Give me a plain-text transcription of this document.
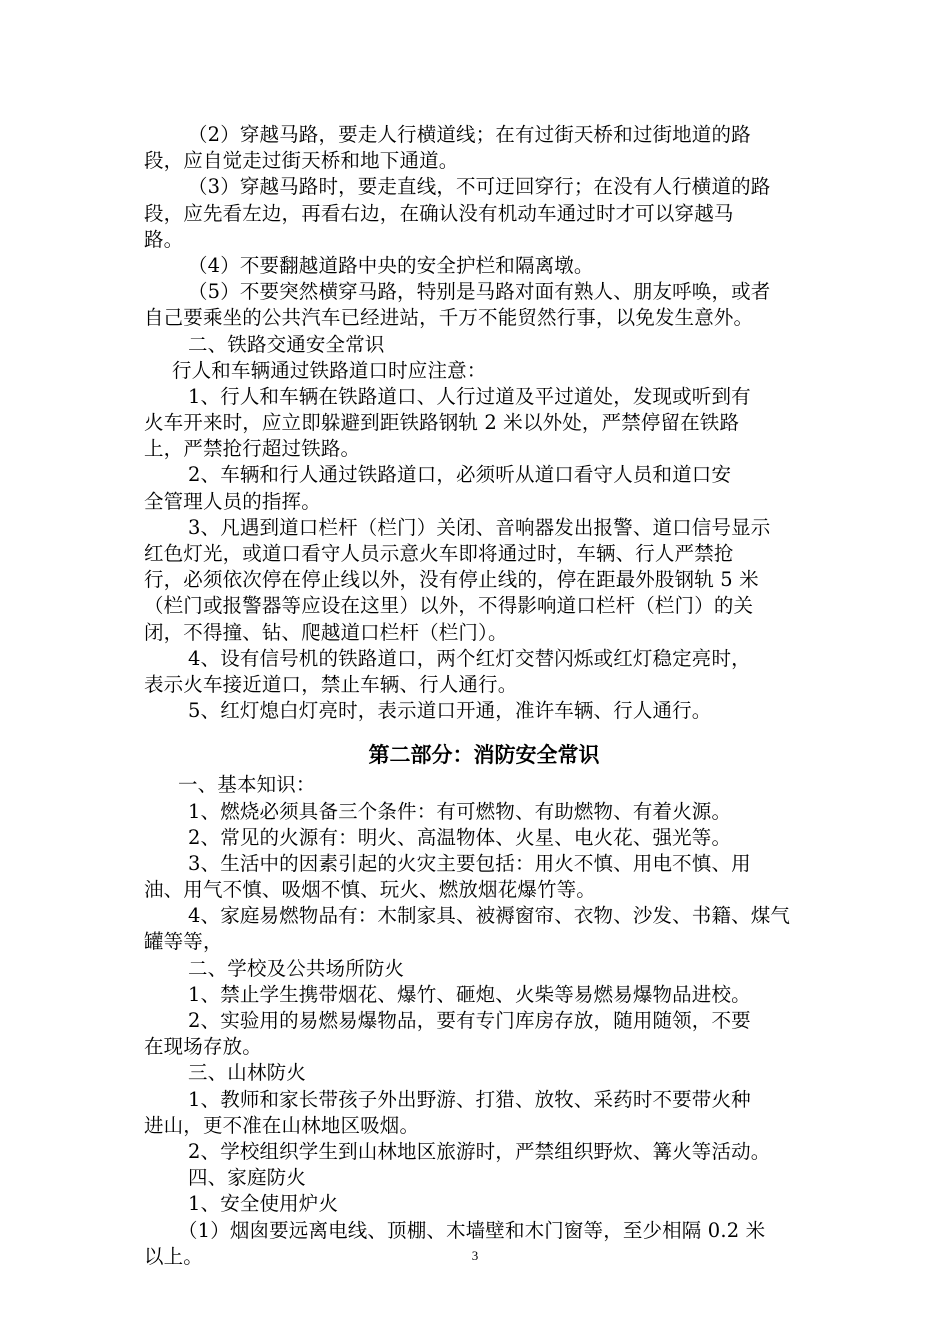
（2）穿越马路，要走人行横道线；在有过街天桥和过街地道的路
段，应自觉走过街天桥和地下通道。
（3）穿越马路时，要走直线，不可迂回穿行；在没有人行横道的路
段，应先看左边，再看右边，在确认没有机动车通过时才可以穿越马
路。
（4）不要翻越道路中央的安全护栏和隔离墩。
（5）不要突然横穿马路，特别是马路对面有熟人、朋友呼唤，或者
自己要乘坐的公共汽车已经进站，千万不能贸然行事，以免发生意外。
二、铁路交通安全常识
行人和车辆通过铁路道口时应注意：
1、行人和车辆在铁路道口、人行过道及平过道处，发现或听到有
火车开来时，应立即躲避到距铁路钢轨 2 米以外处，严禁停留在铁路
上，严禁抢行超过铁路。
2、车辆和行人通过铁路道口，必须听从道口看守人员和道口安
全管理人员的指挥。
3、凡遇到道口栏杆（栏门）关闭、音响器发出报警、道口信号显示
红色灯光，或道口看守人员示意火车即将通过时，车辆、行人严禁抢
行，必须依次停在停止线以外，没有停止线的，停在距最外股钢轨 5 米
（栏门或报警器等应设在这里）以外，不得影响道口栏杆（栏门）的关
闭，不得撞、钻、爬越道口栏杆（栏门）。
4、设有信号机的铁路道口，两个红灯交替闪烁或红灯稳定亮时，
表示火车接近道口，禁止车辆、行人通行。
5、红灯熄白灯亮时，表示道口开通，准许车辆、行人通行。
第二部分：消防安全常识
一、基本知识：
1、燃烧必须具备三个条件：有可燃物、有助燃物、有着火源。
2、常见的火源有：明火、高温物体、火星、电火花、强光等。
3、生活中的因素引起的火灾主要包括：用火不慎、用电不慎、用
油、用气不慎、吸烟不慎、玩火、燃放烟花爆竹等。
4、家庭易燃物品有：木制家具、被褥窗帘、衣物、沙发、书籍、煤气
罐等等，
二、学校及公共场所防火
1、禁止学生携带烟花、爆竹、砸炮、火柴等易燃易爆物品进校。
2、实验用的易燃易爆物品，要有专门库房存放，随用随领，不要
在现场存放。
三、山林防火
1、教师和家长带孩子外出野游、打猎、放牧、采药时不要带火种
进山，更不准在山林地区吸烟。
2、学校组织学生到山林地区旅游时，严禁组织野炊、篝火等活动。
四、家庭防火
1、安全使用炉火
（1）烟囱要远离电线、顶棚、木墙壁和木门窗等，至少相隔 0.2 米
以上。	3
